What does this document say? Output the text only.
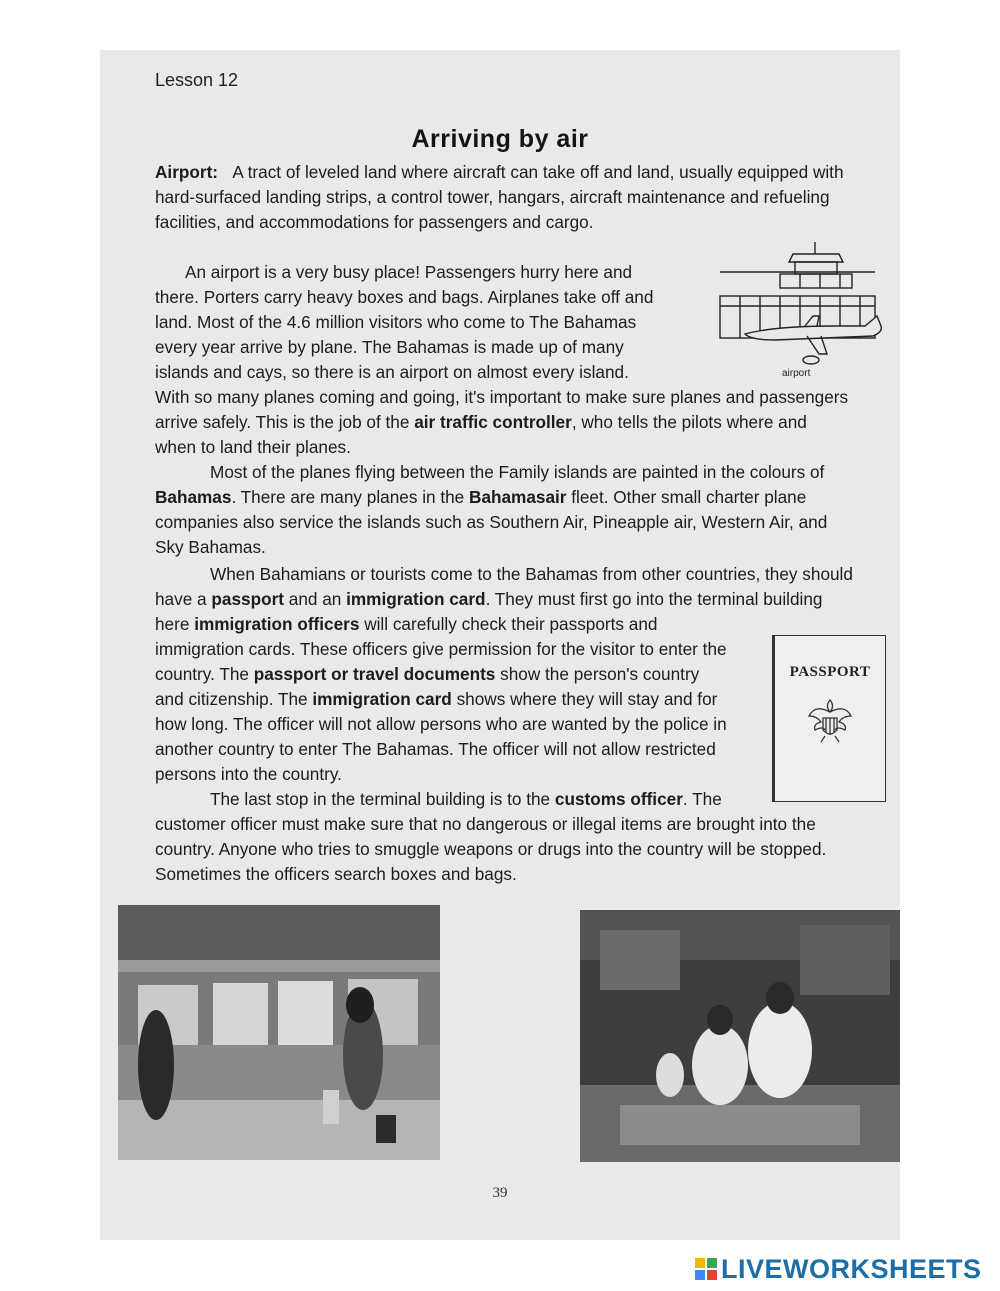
Lesson 12
Arriving by air

Airport: A tract of leveled land where aircraft can take off and land, usually equipped with

hard-surfaced landing strips, a control tower, hangars, aircraft maintenance and refueling

facilities, and accommodations for passengers and cargo.

An airport is a very busy place! Passengers hurry here and

there. Porters carry heavy boxes and bags. Airplanes take off and

land. Most of the 4.6 million visitors who come to The Bahamas

every year arrive by plane. The Bahamas is made up of many

islands and cays, so there is an airport on almost every island.

With so many planes coming and going, it's important to make sure planes and passengers

arrive safely. This is the job of the air traffic controller, who tells the pilots where and

when to land their planes.

Most of the planes flying between the Family islands are painted in the colours of

Bahamas. There are many planes in the Bahamasair fleet. Other small charter plane

companies also service the islands such as Southern Air, Pineapple air, Western Air, and

Sky Bahamas.

When Bahamians or tourists come to the Bahamas from other countries, they should

have a passport and an immigration card. They must first go into the terminal building

here immigration officers will carefully check their passports and

immigration cards. These officers give permission for the visitor to enter the

country. The passport or travel documents show the person's country

and citizenship. The immigration card shows where they will stay and for

how long. The officer will not allow persons who are wanted by the police in

another country to enter The Bahamas. The officer will not allow restricted

persons into the country.

The last stop in the terminal building is to the customs officer. The

customer officer must make sure that no dangerous or illegal items are brought into the

country. Anyone who tries to smuggle weapons or drugs into the country will be stopped.

Sometimes the officers search boxes and bags.

airport
PASSPORT
39
LIVEWORKSHEETS
